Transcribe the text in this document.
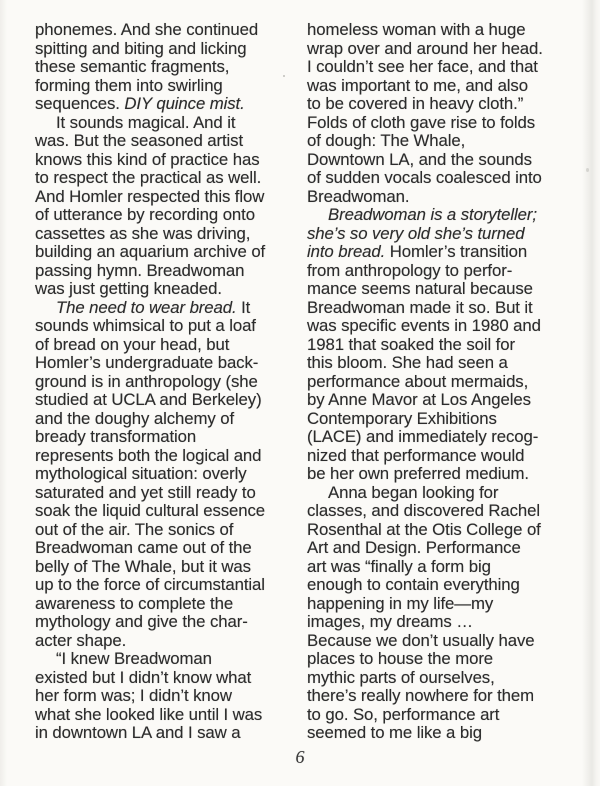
phonemes. And she continued
spitting and biting and licking
these semantic fragments,
forming them into swirling
sequences. DIY quince mist.
It sounds magical. And it
was. But the seasoned artist
knows this kind of practice has
to respect the practical as well.
And Homler respected this flow
of utterance by recording onto
cassettes as she was driving,
building an aquarium archive of
passing hymn. Breadwoman
was just getting kneaded.
The need to wear bread. It
sounds whimsical to put a loaf
of bread on your head, but
Homler’s undergraduate back-
ground is in anthropology (she
studied at UCLA and Berkeley)
and the doughy alchemy of
bready transformation
represents both the logical and
mythological situation: overly
saturated and yet still ready to
soak the liquid cultural essence
out of the air. The sonics of
Breadwoman came out of the
belly of The Whale, but it was
up to the force of circumstantial
awareness to complete the
mythology and give the char-
acter shape.
“I knew Breadwoman
existed but I didn’t know what
her form was; I didn’t know
what she looked like until I was
in downtown LA and I saw a
homeless woman with a huge
wrap over and around her head.
I couldn’t see her face, and that
was important to me, and also
to be covered in heavy cloth.”
Folds of cloth gave rise to folds
of dough: The Whale,
Downtown LA, and the sounds
of sudden vocals coalesced into
Breadwoman.
Breadwoman is a storyteller;
she’s so very old she’s turned
into bread. Homler’s transition
from anthropology to perfor-
mance seems natural because
Breadwoman made it so. But it
was specific events in 1980 and
1981 that soaked the soil for
this bloom. She had seen a
performance about mermaids,
by Anne Mavor at Los Angeles
Contemporary Exhibitions
(LACE) and immediately recog-
nized that performance would
be her own preferred medium.
Anna began looking for
classes, and discovered Rachel
Rosenthal at the Otis College of
Art and Design. Performance
art was “finally a form big
enough to contain everything
happening in my life—my
images, my dreams …
Because we don’t usually have
places to house the more
mythic parts of ourselves,
there’s really nowhere for them
to go. So, performance art
seemed to me like a big
6
